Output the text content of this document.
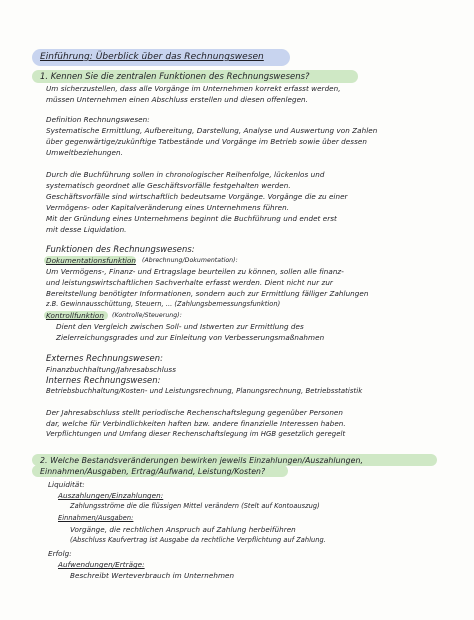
Einführung: Überblick über das Rechnungswesen
1. Kennen Sie die zentralen Funktionen des Rechnungswesens?
Um sicherzustellen, dass alle Vorgänge im Unternehmen korrekt erfasst werden,
müssen Unternehmen einen Abschluss erstellen und diesen offenlegen.
Definition Rechnungswesen:
Systematische Ermittlung, Aufbereitung, Darstellung, Analyse und Auswertung von Zahlen
über gegenwärtige/zukünftige Tatbestände und Vorgänge im Betrieb sowie über dessen
Umweltbeziehungen.
Durch die Buchführung sollen in chronologischer Reihenfolge, lückenlos und
systematisch geordnet alle Geschäftsvorfälle festgehalten werden.
Geschäftsvorfälle sind wirtschaftlich bedeutsame Vorgänge. Vorgänge die zu einer
Vermögens- oder Kapitalveränderung eines Unternehmens führen.
Mit der Gründung eines Unternehmens beginnt die Buchführung und endet erst
mit desse Liquidation.
Funktionen des Rechnungswesens:
Dokumentationsfunktion (Abrechnung/Dokumentation):
Um Vermögens-, Finanz- und Ertragslage beurteilen zu können, sollen alle finanz-
und leistungswirtschaftlichen Sachverhalte erfasst werden. Dient nicht nur zur
Bereitstellung benötigter Informationen, sondern auch zur Ermittlung fälliger Zahlungen
z.B. Gewinnausschüttung, Steuern, ... (Zahlungsbemessungsfunktion)
Kontrollfunktion (Kontrolle/Steuerung):
Dient den Vergleich zwischen Soll- und Istwerten zur Ermittlung des
Zielerreichungsgrades und zur Einleitung von Verbesserungsmaßnahmen
Externes Rechnungswesen:
Finanzbuchhaltung/Jahresabschluss
Internes Rechnungswesen:
Betriebsbuchhaltung/Kosten- und Leistungsrechnung, Planungsrechnung, Betriebsstatistik
Der Jahresabschluss stellt periodische Rechenschaftslegung gegenüber Personen
dar, welche für Verbindlichkeiten haften bzw. andere finanzielle Interessen haben.
Verpflichtungen und Umfang dieser Rechenschaftslegung im HGB gesetzlich geregelt
2. Welche Bestandsveränderungen bewirken jeweils Einzahlungen/Auszahlungen,
Einnahmen/Ausgaben, Ertrag/Aufwand, Leistung/Kosten?
Liquidität:
Auszahlungen/Einzahlungen:
Zahlungsströme die die flüssigen Mittel verändern (Stelt auf Kontoauszug)
Einnahmen/Ausgaben:
Vorgänge, die rechtlichen Anspruch auf Zahlung herbeiführen
(Abschluss Kaufvertrag ist Ausgabe da rechtliche Verpflichtung auf Zahlung.
Erfolg:
Aufwendungen/Erträge:
Beschreibt Werteverbrauch im Unternehmen
